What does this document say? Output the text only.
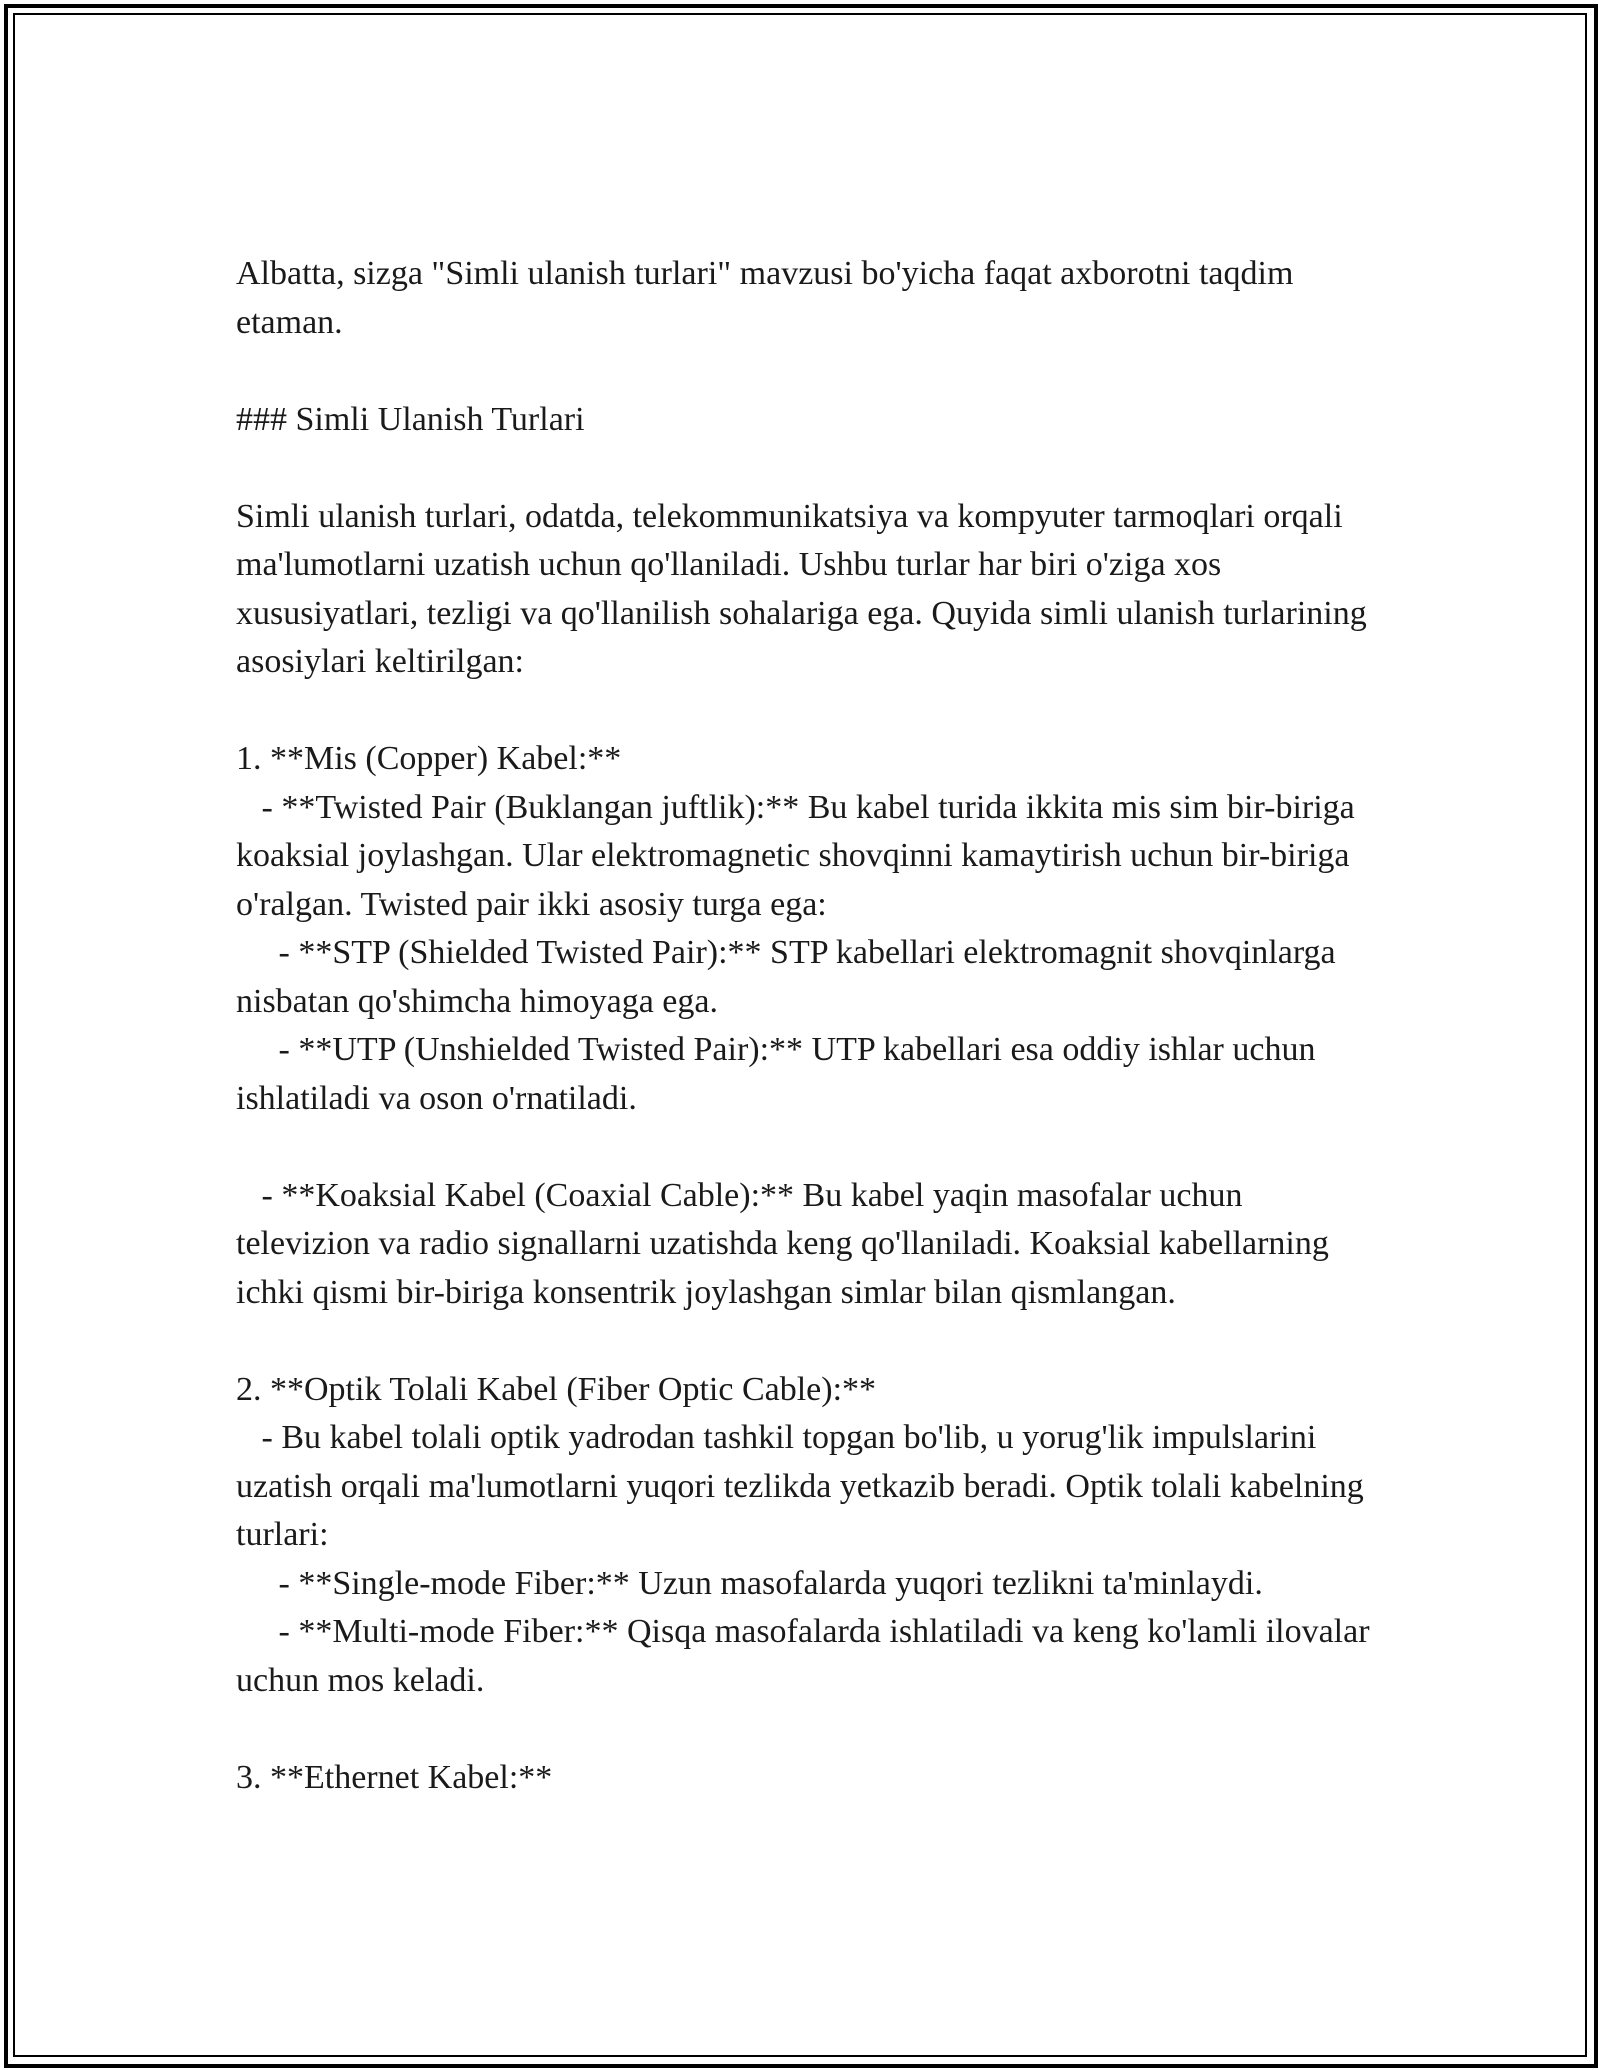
Albatta, sizga "Simli ulanish turlari" mavzusi bo'yicha faqat axborotni taqdim etaman.

### Simli Ulanish Turlari

Simli ulanish turlari, odatda, telekommunikatsiya va kompyuter tarmoqlari orqali ma'lumotlarni uzatish uchun qo'llaniladi. Ushbu turlar har biri o'ziga xos xususiyatlari, tezligi va qo'llanilish sohalariga ega. Quyida simli ulanish turlarining asosiylari keltirilgan:

1. **Mis (Copper) Kabel:**

- **Twisted Pair (Buklangan juftlik):** Bu kabel turida ikkita mis sim bir-biriga koaksial joylashgan. Ular elektromagnetic shovqinni kamaytirish uchun bir-biriga o'ralgan. Twisted pair ikki asosiy turga ega:

- **STP (Shielded Twisted Pair):** STP kabellari elektromagnit shovqinlarga nisbatan qo'shimcha himoyaga ega.

- **UTP (Unshielded Twisted Pair):** UTP kabellari esa oddiy ishlar uchun ishlatiladi va oson o'rnatiladi.

- **Koaksial Kabel (Coaxial Cable):** Bu kabel yaqin masofalar uchun televizion va radio signallarni uzatishda keng qo'llaniladi. Koaksial kabellarning ichki qismi bir-biriga konsentrik joylashgan simlar bilan qismlangan.

2. **Optik Tolali Kabel (Fiber Optic Cable):**

- Bu kabel tolali optik yadrodan tashkil topgan bo'lib, u yorug'lik impulslarini uzatish orqali ma'lumotlarni yuqori tezlikda yetkazib beradi. Optik tolali kabelning turlari:

- **Single-mode Fiber:** Uzun masofalarda yuqori tezlikni ta'minlaydi.

- **Multi-mode Fiber:** Qisqa masofalarda ishlatiladi va keng ko'lamli ilovalar uchun mos keladi.

3. **Ethernet Kabel:**
